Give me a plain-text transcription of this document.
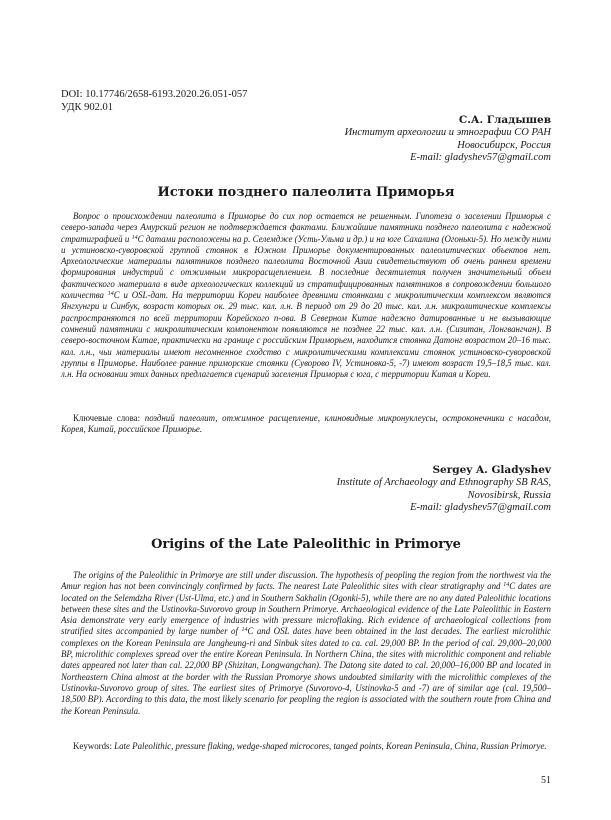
DOI: 10.17746/2658-6193.2020.26.051-057
УДК 902.01
С.А. Гладышев
Институт археологии и этнографии СО РАН
Новосибирск, Россия
E-mail: gladyshev57@gmail.com
Истоки позднего палеолита Приморья
Вопрос о происхождении палеолита в Приморье до сих пор остается не решенным. Гипотеза о заселении Приморья с северо-запада через Амурский регион не подтверждается фактами. Ближайшие памятники позднего палеолита с надежной стратиграфией и $^{14}$С датами расположены на р. Селемдже (Усть-Ульма и др.) и на юге Сахалина (Огоньки-5). Но между ними и устиновско-суворовской группой стоянок в Южном Приморье документированных палеолитических объектов нет. Археологические материалы памятников позднего палеолита Восточной Азии свидетельствуют об очень раннем времени формирования индустрий с отжимным микрорасщеплением. В последние десятилетия получен значительный объем фактического материала в виде археологических коллекций из стратифицированных памятников в сопровождении большого количества $^{14}$С и OSL-дат. На территории Кореи наиболее древними стоянками с микролитическим комплексом являются Янгхунгри и Синбук, возраст которых ок. 29 тыс. кал. л.н. В период от 29 до 20 тыс. кал. л.н. микролитические комплексы распространяются по всей территории Корейского п-ова. В Северном Китае надежно датированные и не вызывающие сомнений памятники с микролитическим компонентом появляются не позднее 22 тыс. кал. л.н. (Сизитан, Лонгвангчан). В северо-восточном Китае, практически на границе с российским Приморьем, находится стоянка Датонг возрастом 20–16 тыс. кал. л.н., чьи материалы имеют несомненное сходство с микролитическими комплексами стоянок устиновско-суворовской группы в Приморье. Наиболее ранние приморские стоянки (Суворово IV, Устиновка-5, -7) имеют возраст 19,5–18,5 тыс. кал. л.н. На основании этих данных предлагается сценарий заселения Приморья с юга, с территории Китая и Кореи.
Ключевые слова: поздний палеолит, отжимное расщепление, клиновидные микронуклеусы, остроконечники с насадом, Корея, Китай, российское Приморье.
Sergey A. Gladyshev
Institute of Archaeology and Ethnography SB RAS,
Novosibirsk, Russia
E-mail: gladyshev57@gmail.com
Origins of the Late Paleolithic in Primorye
The origins of the Paleolithic in Primorye are still under discussion. The hypothesis of peopling the region from the northwest via the Amur region has not been convincingly confirmed by facts. The nearest Late Paleolithic sites with clear stratigraphy and $^{14}$C dates are located on the Selemdzha River (Ust-Ulma, etc.) and in Southern Sakhalin (Ogonki-5), while there are no any dated Paleolithic locations between these sites and the Ustinovka-Suvorovo group in Southern Primorye. Archaeological evidence of the Late Paleolithic in Eastern Asia demonstrate very early emergence of industries with pressure microflaking. Rich evidence of archaeological collections from stratified sites accompanied by large number of $^{14}$C and OSL dates have been obtained in the last decades. The earliest microlithic complexes on the Korean Peninsula are Jangheung-ri and Sinbuk sites dated to ca. cal. 29,000 BP. In the period of cal. 29,000–20,000 BP, microlithic complexes spread over the entire Korean Peninsula. In Northern China, the sites with microlithic component and reliable dates appeared not later than cal. 22,000 BP (Shizitan, Longwangchan). The Datong site dated to cal. 20,000–16,000 BP and located in Northeastern China almost at the border with the Russian Promorye shows undoubted similarity with the microlithic complexes of the Ustinovka-Suvorovo group of sites. The earliest sites of Primorye (Suvorovo-4, Ustinovka-5 and -7) are of similar age (cal. 19,500–18,500 BP). According to this data, the most likely scenario for peopling the region is associated with the southern route from China and the Korean Peninsula.
Keywords: Late Paleolithic, pressure flaking, wedge-shaped microcores, tanged points, Korean Peninsula, China, Russian Primorye.
51
